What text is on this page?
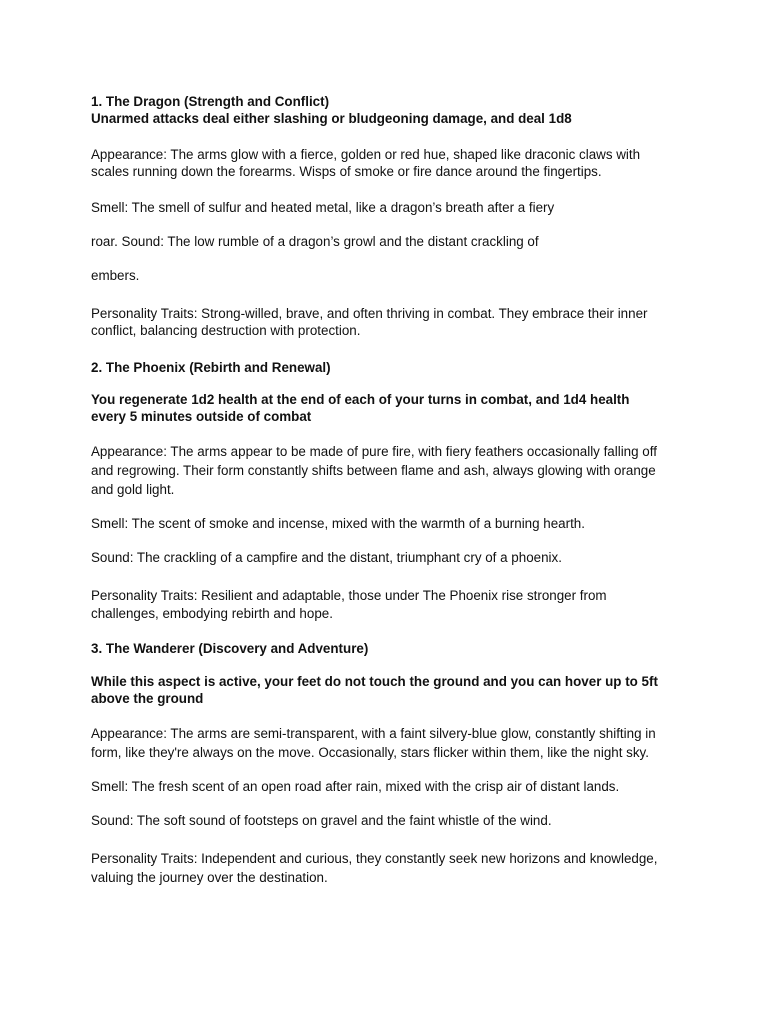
1. The Dragon (Strength and Conflict)

Unarmed attacks deal either slashing or bludgeoning damage, and deal 1d8

Appearance: The arms glow with a fierce, golden or red hue, shaped like draconic claws with

scales running down the forearms. Wisps of smoke or fire dance around the fingertips.

Smell: The smell of sulfur and heated metal, like a dragon’s breath after a fiery

roar. Sound: The low rumble of a dragon’s growl and the distant crackling of

embers.

Personality Traits: Strong-willed, brave, and often thriving in combat. They embrace their inner

conflict, balancing destruction with protection.

2. The Phoenix (Rebirth and Renewal)

You regenerate 1d2 health at the end of each of your turns in combat, and 1d4 health

every 5 minutes outside of combat

Appearance: The arms appear to be made of pure fire, with fiery feathers occasionally falling off

and regrowing. Their form constantly shifts between flame and ash, always glowing with orange

and gold light.

Smell: The scent of smoke and incense, mixed with the warmth of a burning hearth.

Sound: The crackling of a campfire and the distant, triumphant cry of a phoenix.

Personality Traits: Resilient and adaptable, those under The Phoenix rise stronger from

challenges, embodying rebirth and hope.

3. The Wanderer (Discovery and Adventure)

While this aspect is active, your feet do not touch the ground and you can hover up to 5ft

above the ground

Appearance: The arms are semi-transparent, with a faint silvery-blue glow, constantly shifting in

form, like they're always on the move. Occasionally, stars flicker within them, like the night sky.

Smell: The fresh scent of an open road after rain, mixed with the crisp air of distant lands.

Sound: The soft sound of footsteps on gravel and the faint whistle of the wind.

Personality Traits: Independent and curious, they constantly seek new horizons and knowledge,

valuing the journey over the destination.
